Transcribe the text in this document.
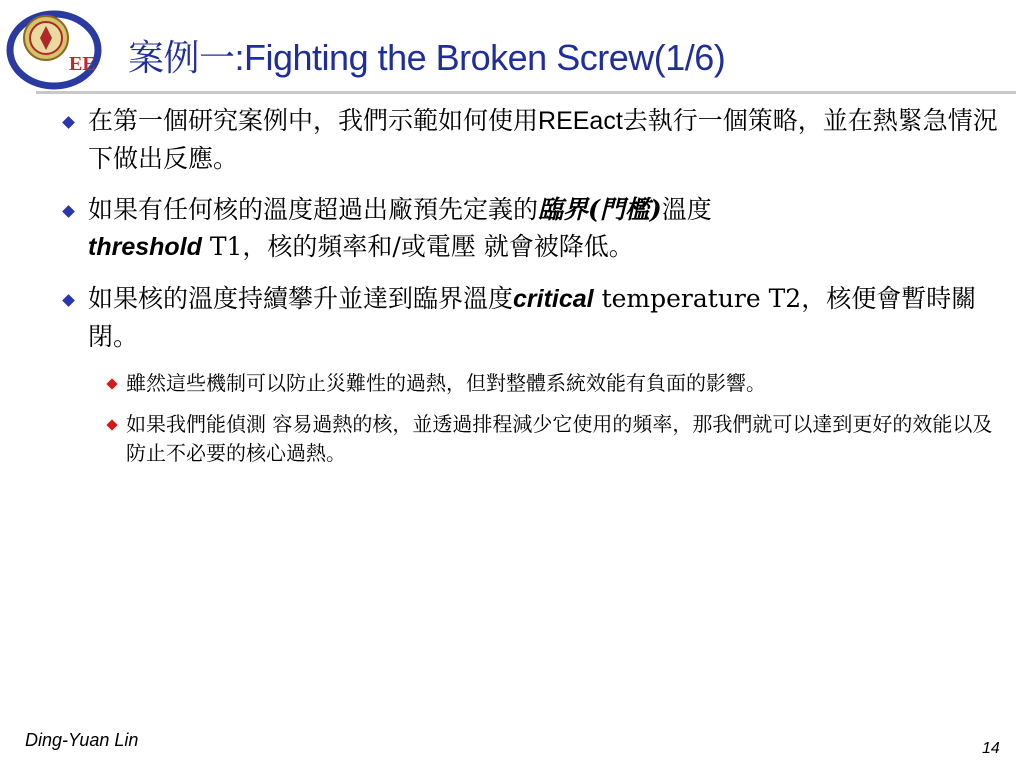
EE 案例一:Fighting the Broken Screw(1/6)
在第一個研究案例中，我們示範如何使用REEact去執行一個策略，並在熱緊急情況下做出反應。
如果有任何核的溫度超過出廠預先定義的臨界(門檻)溫度
threshold T1，核的頻率和/或電壓 就會被降低。
如果核的溫度持續攀升並達到臨界溫度critical temperature T2，核便會暫時關閉。
雖然這些機制可以防止災難性的過熱，但對整體系統效能有負面的影響。
如果我們能偵測 容易過熱的核，並透過排程減少它使用的頻率，那我們就可以達到更好的效能以及防止不必要的核心過熱。
Ding-Yuan Lin	14
